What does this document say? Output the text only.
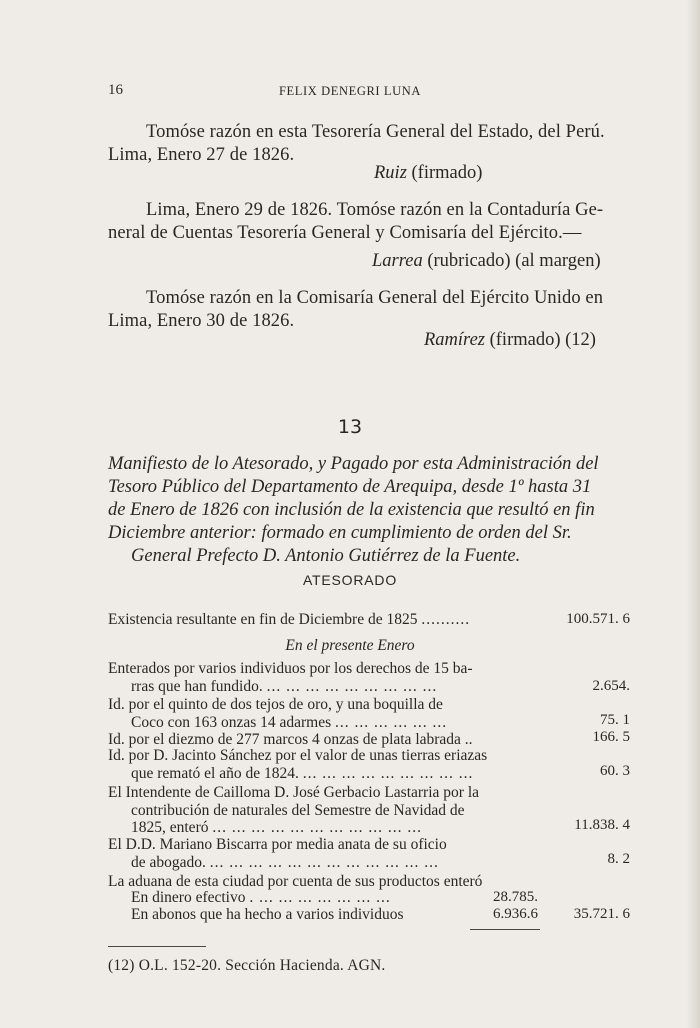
16	FELIX DENEGRI LUNA
Tomóse razón en esta Tesorería General del Estado, del Perú.
Lima, Enero 27 de 1826.
Ruiz (firmado)
Lima, Enero 29 de 1826. Tomóse razón en la Contaduría Ge-
neral de Cuentas Tesorería General y Comisaría del Ejército.—
Larrea (rubricado) (al margen)
Tomóse razón en la Comisaría General del Ejército Unido en
Lima, Enero 30 de 1826.
Ramírez (firmado) (12)
13
Manifiesto de lo Atesorado, y Pagado por esta Administración del
Tesoro Público del Departamento de Arequipa, desde 1º hasta 31
de Enero de 1826 con inclusión de la existencia que resultó en fin
Diciembre anterior: formado en cumplimiento de orden del Sr.
General Prefecto D. Antonio Gutiérrez de la Fuente.
ATESORADO
Existencia resultante en fin de Diciembre de 1825 ..........	100.571. 6
En el presente Enero
Enterados por varios individuos por los derechos de 15 ba-
rras que han fundido. ... ... ... ... ... ... ... ... ...	2.654.
Id. por el quinto de dos tejos de oro, y una boquilla de
Coco con 163 onzas 14 adarmes ... ... ... ... ... ...	75. 1
Id. por el diezmo de 277 marcos 4 onzas de plata labrada ..	166. 5
Id. por D. Jacinto Sánchez por el valor de unas tierras eriazas
que remató el año de 1824. ... ... ... ... ... ... ... ... ...	60. 3
El Intendente de Cailloma D. José Gerbacio Lastarria por la
contribución de naturales del Semestre de Navidad de
1825, enteró ... ... ... ... ... ... ... ... ... ... ...	11.838. 4
El D.D. Mariano Biscarra por media anata de su oficio
de abogado. ... ... ... ... ... ... ... ... ... ... ... ...	8. 2
La aduana de esta ciudad por cuenta de sus productos enteró
En dinero efectivo . ... ... ... ... ... ... ...	28.785.
En abonos que ha hecho a varios individuos	6.936.6	35.721. 6
(12) O.L. 152-20. Sección Hacienda. AGN.
